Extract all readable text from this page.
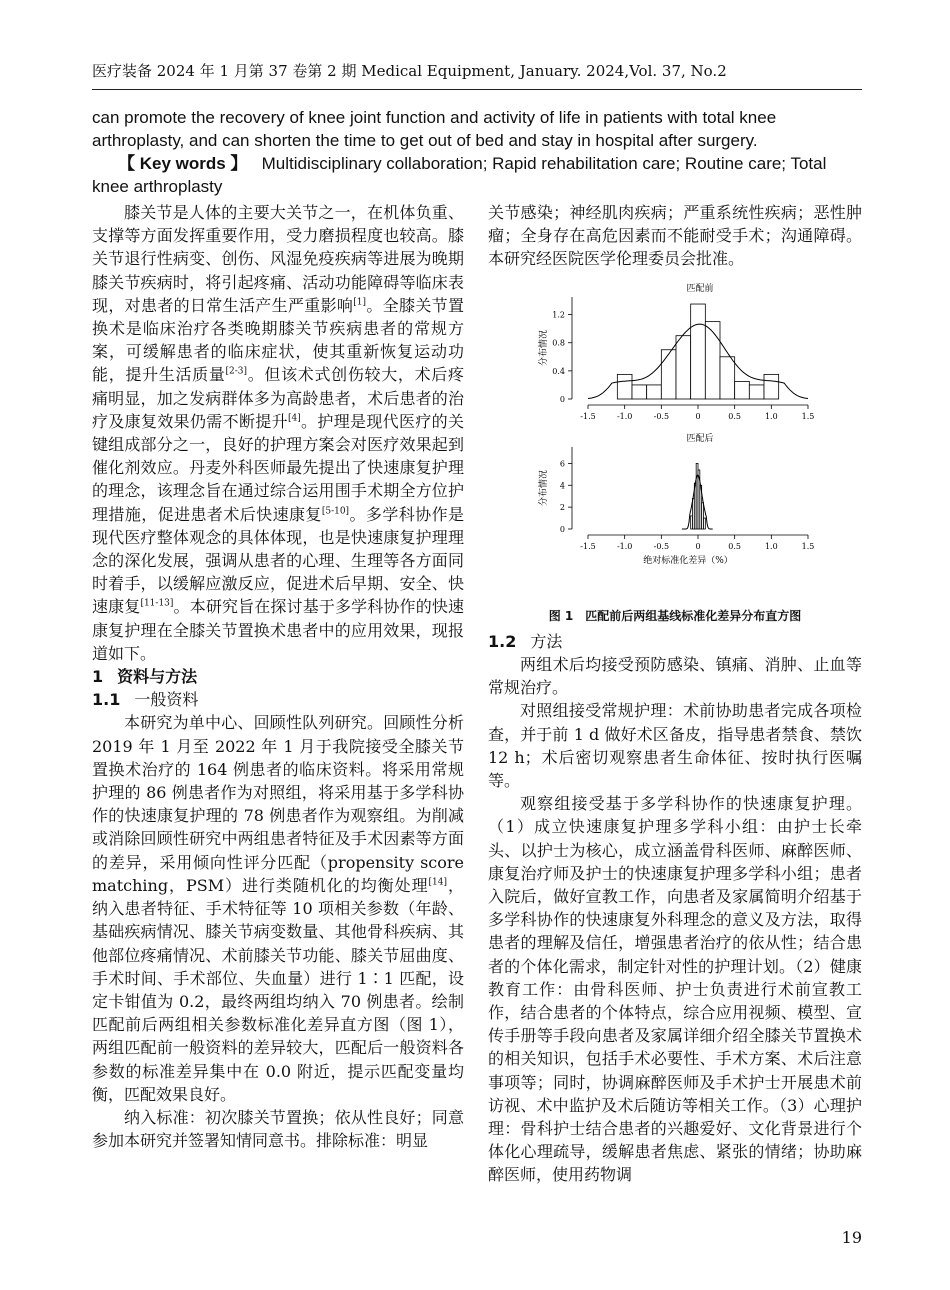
医疗装备 2024 年 1 月第 37 卷第 2 期 Medical Equipment, January. 2024,Vol. 37, No.2

can promote the recovery of knee joint function and activity of life in patients with total knee arthroplasty, and can shorten the time to get out of bed and stay in hospital after surgery.

【 Key words 】 Multidisciplinary collaboration; Rapid rehabilitation care; Routine care; Total knee arthroplasty

膝关节是人体的主要大关节之一，在机体负重、支撑等方面发挥重要作用，受力磨损程度也较高。膝关节退行性病变、创伤、风湿免疫疾病等进展为晚期膝关节疾病时，将引起疼痛、活动功能障碍等临床表现，对患者的日常生活产生严重影响[1]。全膝关节置换术是临床治疗各类晚期膝关节疾病患者的常规方案，可缓解患者的临床症状，使其重新恢复运动功能，提升生活质量[2-3]。但该术式创伤较大，术后疼痛明显，加之发病群体多为高龄患者，术后患者的治疗及康复效果仍需不断提升[4]。护理是现代医疗的关键组成部分之一，良好的护理方案会对医疗效果起到催化剂效应。丹麦外科医师最先提出了快速康复护理的理念，该理念旨在通过综合运用围手术期全方位护理措施，促进患者术后快速康复[5-10]。多学科协作是现代医疗整体观念的具体体现，也是快速康复护理理念的深化发展，强调从患者的心理、生理等各方面同时着手，以缓解应激反应，促进术后早期、安全、快速康复[11-13]。本研究旨在探讨基于多学科协作的快速康复护理在全膝关节置换术患者中的应用效果，现报道如下。

1 资料与方法
1.1 一般资料

本研究为单中心、回顾性队列研究。回顾性分析 2019 年 1 月至 2022 年 1 月于我院接受全膝关节置换术治疗的 164 例患者的临床资料。将采用常规护理的 86 例患者作为对照组，将采用基于多学科协作的快速康复护理的 78 例患者作为观察组。为削减或消除回顾性研究中两组患者特征及手术因素等方面的差异，采用倾向性评分匹配（propensity score matching，PSM）进行类随机化的均衡处理[14]，纳入患者特征、手术特征等 10 项相关参数（年龄、基础疾病情况、膝关节病变数量、其他骨科疾病、其他部位疼痛情况、术前膝关节功能、膝关节屈曲度、手术时间、手术部位、失血量）进行 1∶1 匹配，设定卡钳值为 0.2，最终两组均纳入 70 例患者。绘制匹配前后两组相关参数标准化差异直方图（图 1），两组匹配前一般资料的差异较大，匹配后一般资料各参数的标准差异集中在 0.0 附近，提示匹配变量均衡，匹配效果良好。

纳入标准：初次膝关节置换；依从性良好；同意参加本研究并签署知情同意书。排除标准：明显

关节感染；神经肌肉疾病；严重系统性疾病；恶性肿瘤；全身存在高危因素而不能耐受手术；沟通障碍。本研究经医院医学伦理委员会批准。

匹配前
分布情况
0
0.4
0.8
1.2
-1.5	-1.0	-0.5	0	0.5	1.0	1.5
匹配后
分布情况
0
2
4
6
-1.5	-1.0	-0.5	0	0.5	1.0	1.5
绝对标准化差异（%）
图 1　匹配前后两组基线标准化差异分布直方图
1.2 方法

两组术后均接受预防感染、镇痛、消肿、止血等常规治疗。

对照组接受常规护理：术前协助患者完成各项检查，并于前 1 d 做好术区备皮，指导患者禁食、禁饮 12 h；术后密切观察患者生命体征、按时执行医嘱等。

观察组接受基于多学科协作的快速康复护理。（1）成立快速康复护理多学科小组：由护士长牵头、以护士为核心，成立涵盖骨科医师、麻醉医师、康复治疗师及护士的快速康复护理多学科小组；患者入院后，做好宣教工作，向患者及家属简明介绍基于多学科协作的快速康复外科理念的意义及方法，取得患者的理解及信任，增强患者治疗的依从性；结合患者的个体化需求，制定针对性的护理计划。（2）健康教育工作：由骨科医师、护士负责进行术前宣教工作，结合患者的个体特点，综合应用视频、模型、宣传手册等手段向患者及家属详细介绍全膝关节置换术的相关知识，包括手术必要性、手术方案、术后注意事项等；同时，协调麻醉医师及手术护士开展患术前访视、术中监护及术后随访等相关工作。（3）心理护理：骨科护士结合患者的兴趣爱好、文化背景进行个体化心理疏导，缓解患者焦虑、紧张的情绪；协助麻醉医师，使用药物调

19
